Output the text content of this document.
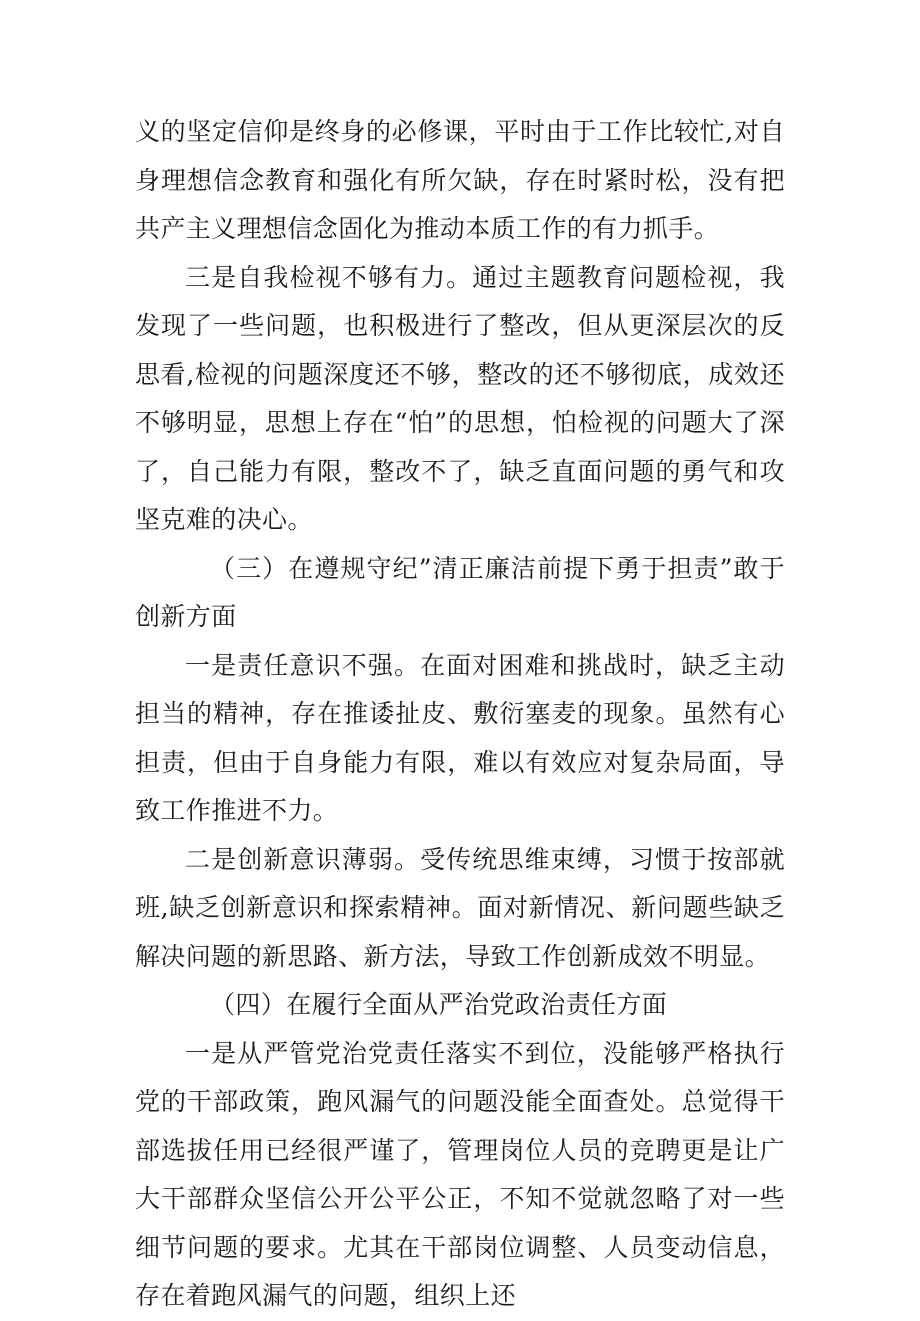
义的坚定信仰是终身的必修课，平时由于工作比较忙,对自身理想信念教育和强化有所欠缺，存在时紧时松，没有把共产主义理想信念固化为推动本质工作的有力抓手。

三是自我检视不够有力。通过主题教育问题检视，我发现了一些问题，也积极进行了整改，但从更深层次的反思看,检视的问题深度还不够，整改的还不够彻底，成效还不够明显，思想上存在“怕”的思想，怕检视的问题大了深了，自己能力有限，整改不了，缺乏直面问题的勇气和攻坚克难的决心。

（三）在遵规守纪”清正廉洁前提下勇于担责”敢于创新方面

一是责任意识不强。在面对困难和挑战时，缺乏主动担当的精神，存在推诿扯皮、敷衍塞麦的现象。虽然有心担责，但由于自身能力有限，难以有效应对复杂局面，导致工作推进不力。

二是创新意识薄弱。受传统思维束缚，习惯于按部就班,缺乏创新意识和探索精神。面对新情况、新问题些缺乏解决问题的新思路、新方法，导致工作创新成效不明显。

（四）在履行全面从严治党政治责任方面

一是从严管党治党责任落实不到位，没能够严格执行党的干部政策，跑风漏气的问题没能全面查处。总觉得干部选拔任用已经很严谨了，管理岗位人员的竞聘更是让广大干部群众坚信公开公平公正，不知不觉就忽略了对一些细节问题的要求。尤其在干部岗位调整、人员变动信息，存在着跑风漏气的问题，组织上还
